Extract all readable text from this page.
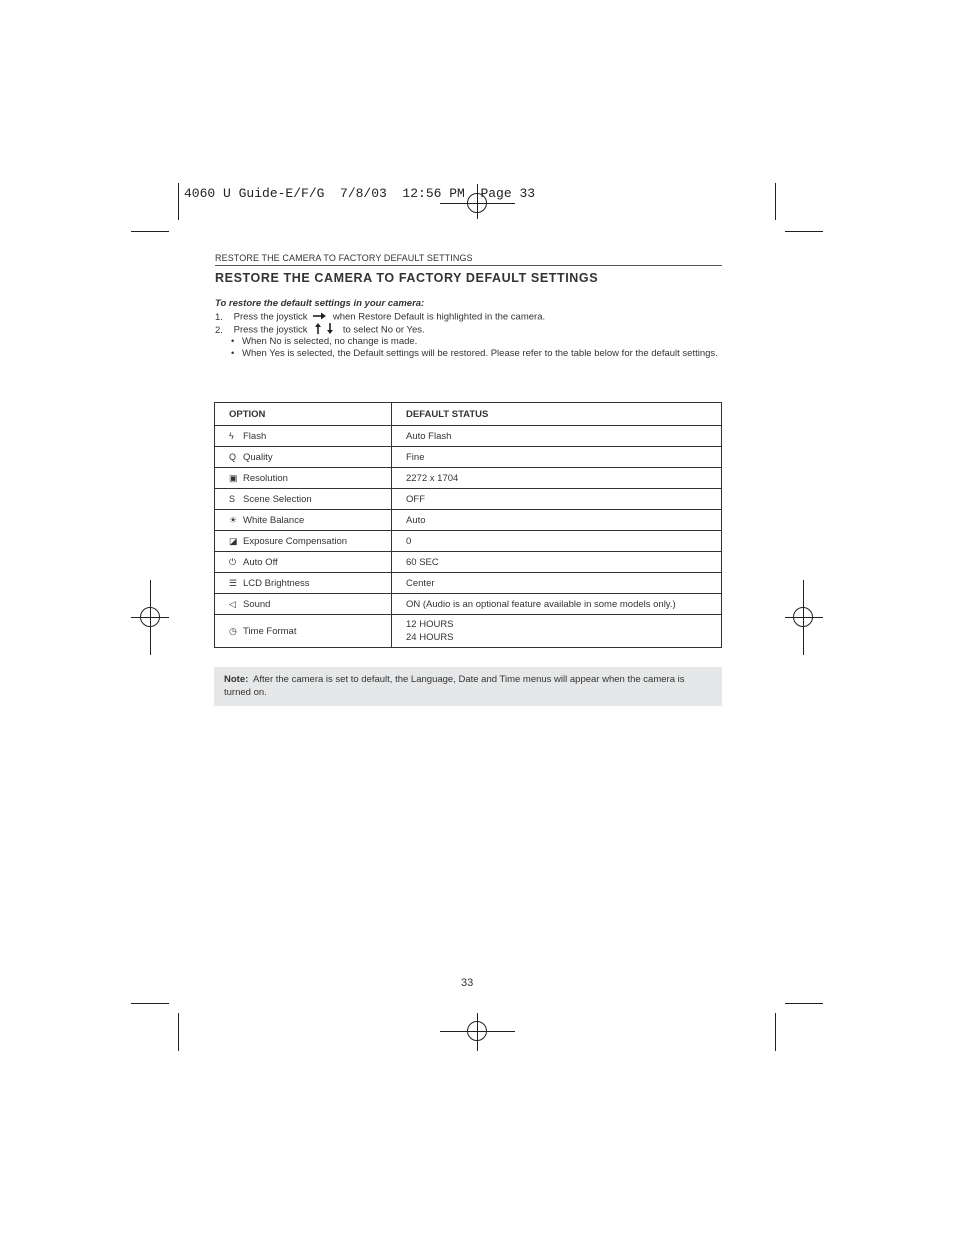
4060 U Guide-E/F/G  7/8/03  12:56 PM  Page 33
RESTORE THE CAMERA TO FACTORY DEFAULT SETTINGS
RESTORE THE CAMERA TO FACTORY DEFAULT SETTINGS
To restore the default settings in your camera:
1. Press the joystick	when Restore Default is highlighted in the camera.
2. Press the joystick	to select No or Yes.
• When No is selected, no change is made.
• When Yes is selected, the Default settings will be restored. Please refer to the table below for the default settings.
OPTION	DEFAULT STATUS
ϟ Flash	Auto Flash

Q Quality	Fine

▣ Resolution	2272 x 1704

S Scene Selection	OFF

☀ White Balance	Auto

◪ Exposure Compensation	0

⏻ Auto Off	60 SEC

☰ LCD Brightness	Center

◁ Sound	ON (Audio is an optional feature available in some models only.)

◷ Time Format	12 HOURS
24 HOURS
Note: After the camera is set to default, the Language, Date and Time menus will appear when the camera is turned on.
33
